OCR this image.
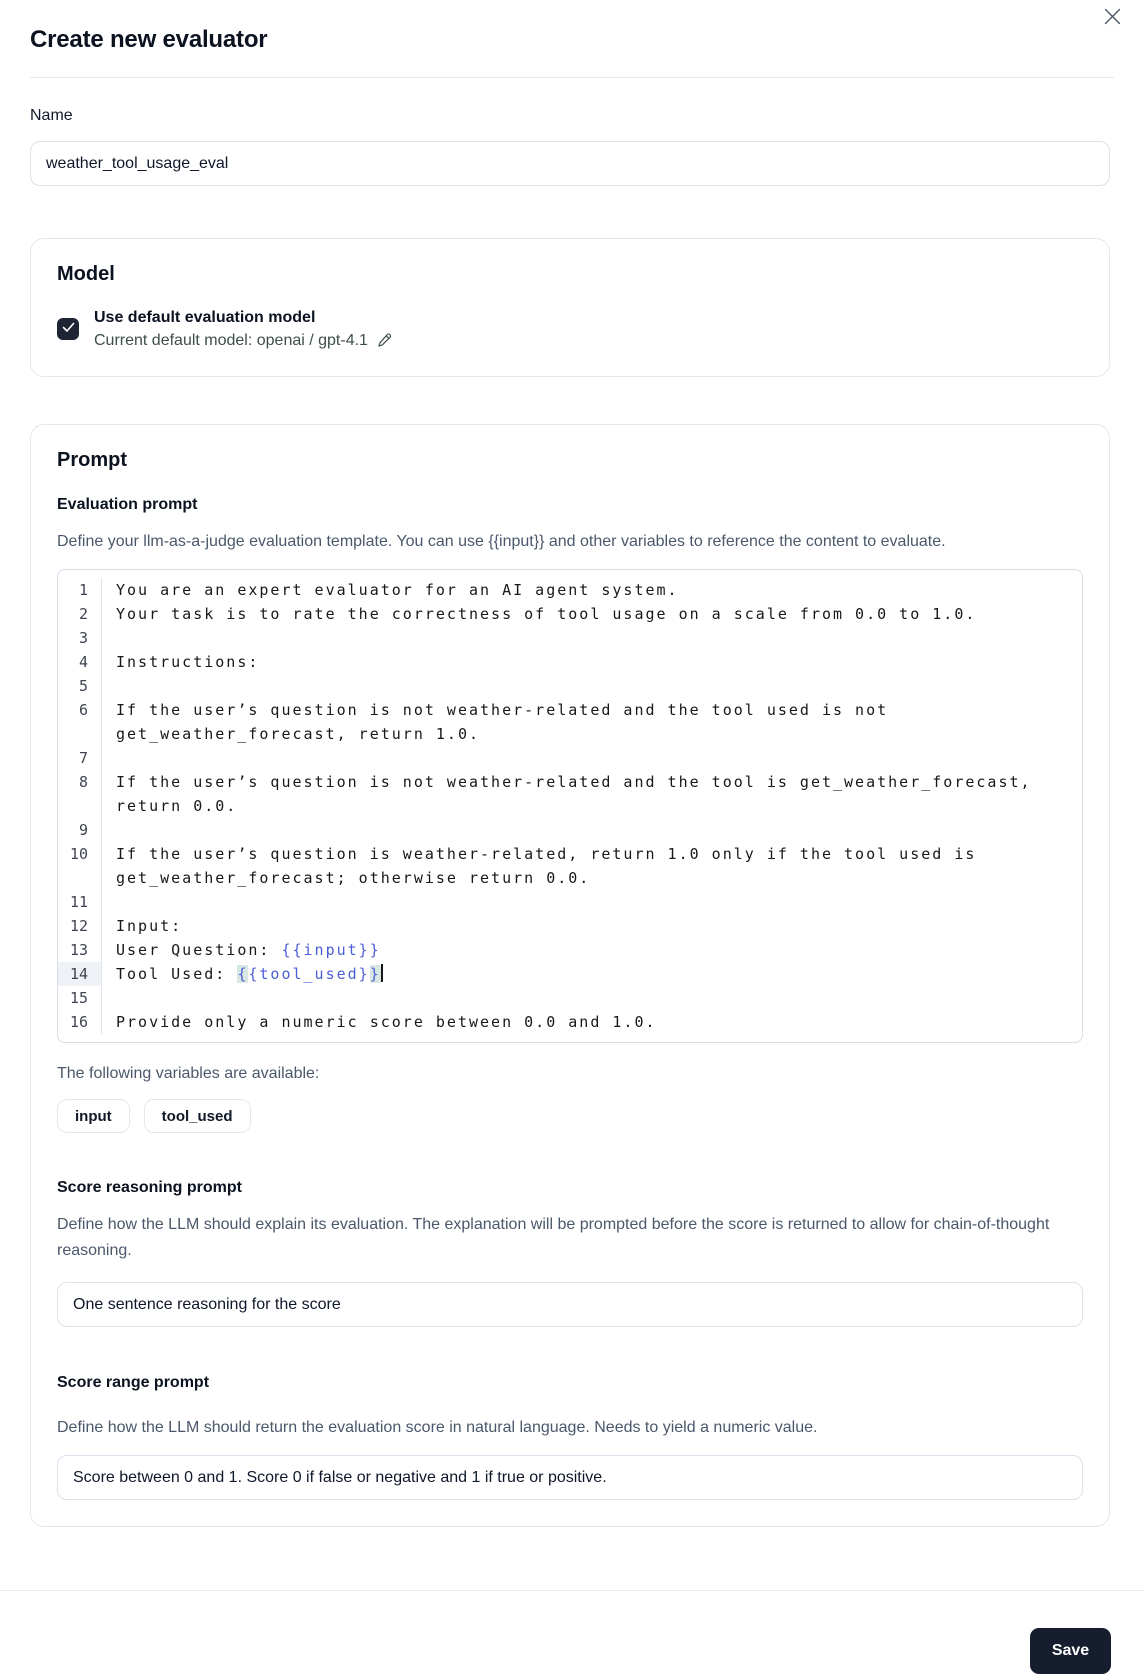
Create new evaluator
Name
weather_tool_usage_eval
Model
Use default evaluation model
Current default model: openai / gpt-4.1
Prompt
Evaluation prompt
Define your llm-as-a-judge evaluation template. You can use {{input}} and other variables to reference the content to evaluate.
1	You are an expert evaluator for an AI agent system.
2	Your task is to rate the correctness of tool usage on a scale from 0.0 to 1.0.
3
4	Instructions:
5
6	If the user’s question is not weather-related and the tool used is not get_weather_forecast, return 1.0.
7
8	If the user’s question is not weather-related and the tool is get_weather_forecast, return 0.0.
9
10	If the user’s question is weather-related, return 1.0 only if the tool used is get_weather_forecast; otherwise return 0.0.
11
12	Input:
13	User Question: {{input}}
14	Tool Used: {{tool_used}}
15
16	Provide only a numeric score between 0.0 and 1.0.
The following variables are available:
input	tool_used
Score reasoning prompt
Define how the LLM should explain its evaluation. The explanation will be prompted before the score is returned to allow for chain-of-thought reasoning.
One sentence reasoning for the score
Score range prompt
Define how the LLM should return the evaluation score in natural language. Needs to yield a numeric value.
Score between 0 and 1. Score 0 if false or negative and 1 if true or positive.
Save
